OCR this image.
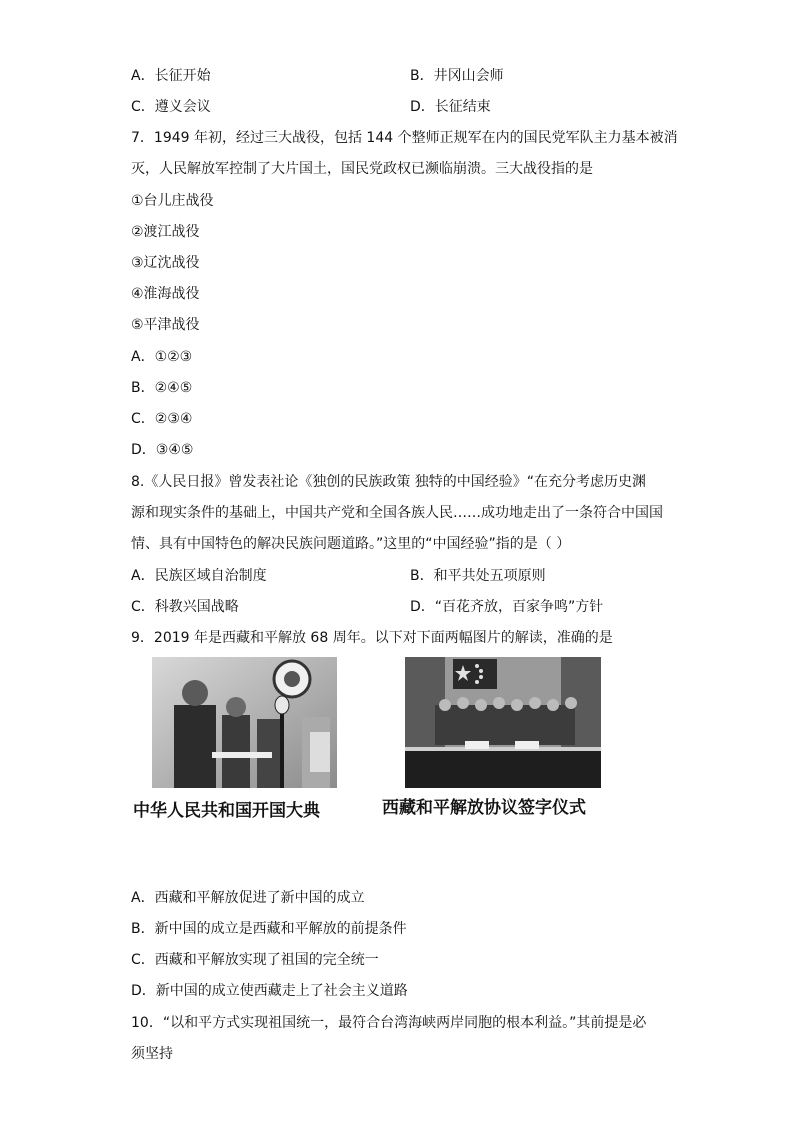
A．长征开始	B．井冈山会师
C．遵义会议	D．长征结束
7．1949 年初，经过三大战役，包括 144 个整师正规军在内的国民党军队主力基本被消
灭，人民解放军控制了大片国土，国民党政权已濒临崩溃。三大战役指的是
①台儿庄战役
②渡江战役
③辽沈战役
④淮海战役
⑤平津战役
A．①②③
B．②④⑤
C．②③④
D．③④⑤
8.《人民日报》曾发表社论《独创的民族政策 独特的中国经验》“在充分考虑历史渊
源和现实条件的基础上，中国共产党和全国各族人民……成功地走出了一条符合中国国
情、具有中国特色的解决民族问题道路。”这里的“中国经验”指的是（ ）
A．民族区域自治制度	B．和平共处五项原则
C．科教兴国战略	D．“百花齐放，百家争鸣”方针
9．2019 年是西藏和平解放 68 周年。以下对下面两幅图片的解读，准确的是
中华人民共和国开国大典	西藏和平解放协议签字仪式
A．西藏和平解放促进了新中国的成立
B．新中国的成立是西藏和平解放的前提条件
C．西藏和平解放实现了祖国的完全统一
D．新中国的成立使西藏走上了社会主义道路
10．“以和平方式实现祖国统一，最符合台湾海峡两岸同胞的根本利益。”其前提是必
须坚持
